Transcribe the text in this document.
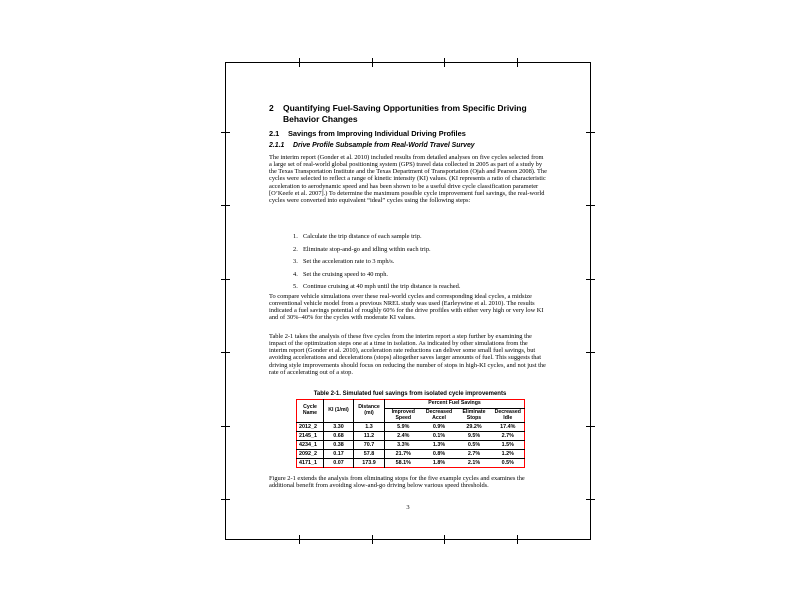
2	Quantifying Fuel-Saving Opportunities from Specific Driving Behavior Changes
2.1	Savings from Improving Individual Driving Profiles
2.1.1	Drive Profile Subsample from Real-World Travel Survey
The interim report (Gonder et al. 2010) included results from detailed analyses on five cycles selected from a large set of real-world global positioning system (GPS) travel data collected in 2005 as part of a study by the Texas Transportation Institute and the Texas Department of Transportation (Ojah and Pearson 2008). The cycles were selected to reflect a range of kinetic intensity (KI) values. (KI represents a ratio of characteristic acceleration to aerodynamic speed and has been shown to be a useful drive cycle classification parameter [O’Keefe et al. 2007].) To determine the maximum possible cycle improvement fuel savings, the real-world cycles were converted into equivalent “ideal” cycles using the following steps:
1. Calculate the trip distance of each sample trip.
2. Eliminate stop-and-go and idling within each trip.
3. Set the acceleration rate to 3 mph/s.
4. Set the cruising speed to 40 mph.
5. Continue cruising at 40 mph until the trip distance is reached.
To compare vehicle simulations over these real-world cycles and corresponding ideal cycles, a midsize conventional vehicle model from a previous NREL study was used (Earleywine et al. 2010). The results indicated a fuel savings potential of roughly 60% for the drive profiles with either very high or very low KI and of 30%–40% for the cycles with moderate KI values.
Table 2-1 takes the analysis of these five cycles from the interim report a step further by examining the impact of the optimization steps one at a time in isolation. As indicated by other simulations from the interim report (Gonder et al. 2010), acceleration rate reductions can deliver some small fuel savings, but avoiding accelerations and decelerations (stops) altogether saves larger amounts of fuel. This suggests that driving style improvements should focus on reducing the number of stops in high-KI cycles, and not just the rate of accelerating out of a stop.
Table 2-1. Simulated fuel savings from isolated cycle improvements
Cycle Name	KI (1/mi)	Distance (mi)	Percent Fuel Savings			
			Improved Speed	Decreased Accel	Eliminate Stops	Decreased Idle
2012_2	3.30	1.3	5.9%	0.9%	29.2%	17.4%
2145_1	0.68	11.2	2.4%	0.1%	9.5%	2.7%
4234_1	0.38	70.7	3.3%	1.3%	0.5%	1.5%
2092_2	0.17	57.8	21.7%	0.8%	2.7%	1.2%
4171_1	0.07	173.9	58.1%	1.8%	2.1%	0.5%
Figure 2-1 extends the analysis from eliminating stops for the five example cycles and examines the additional benefit from avoiding slow-and-go driving below various speed thresholds.
3
